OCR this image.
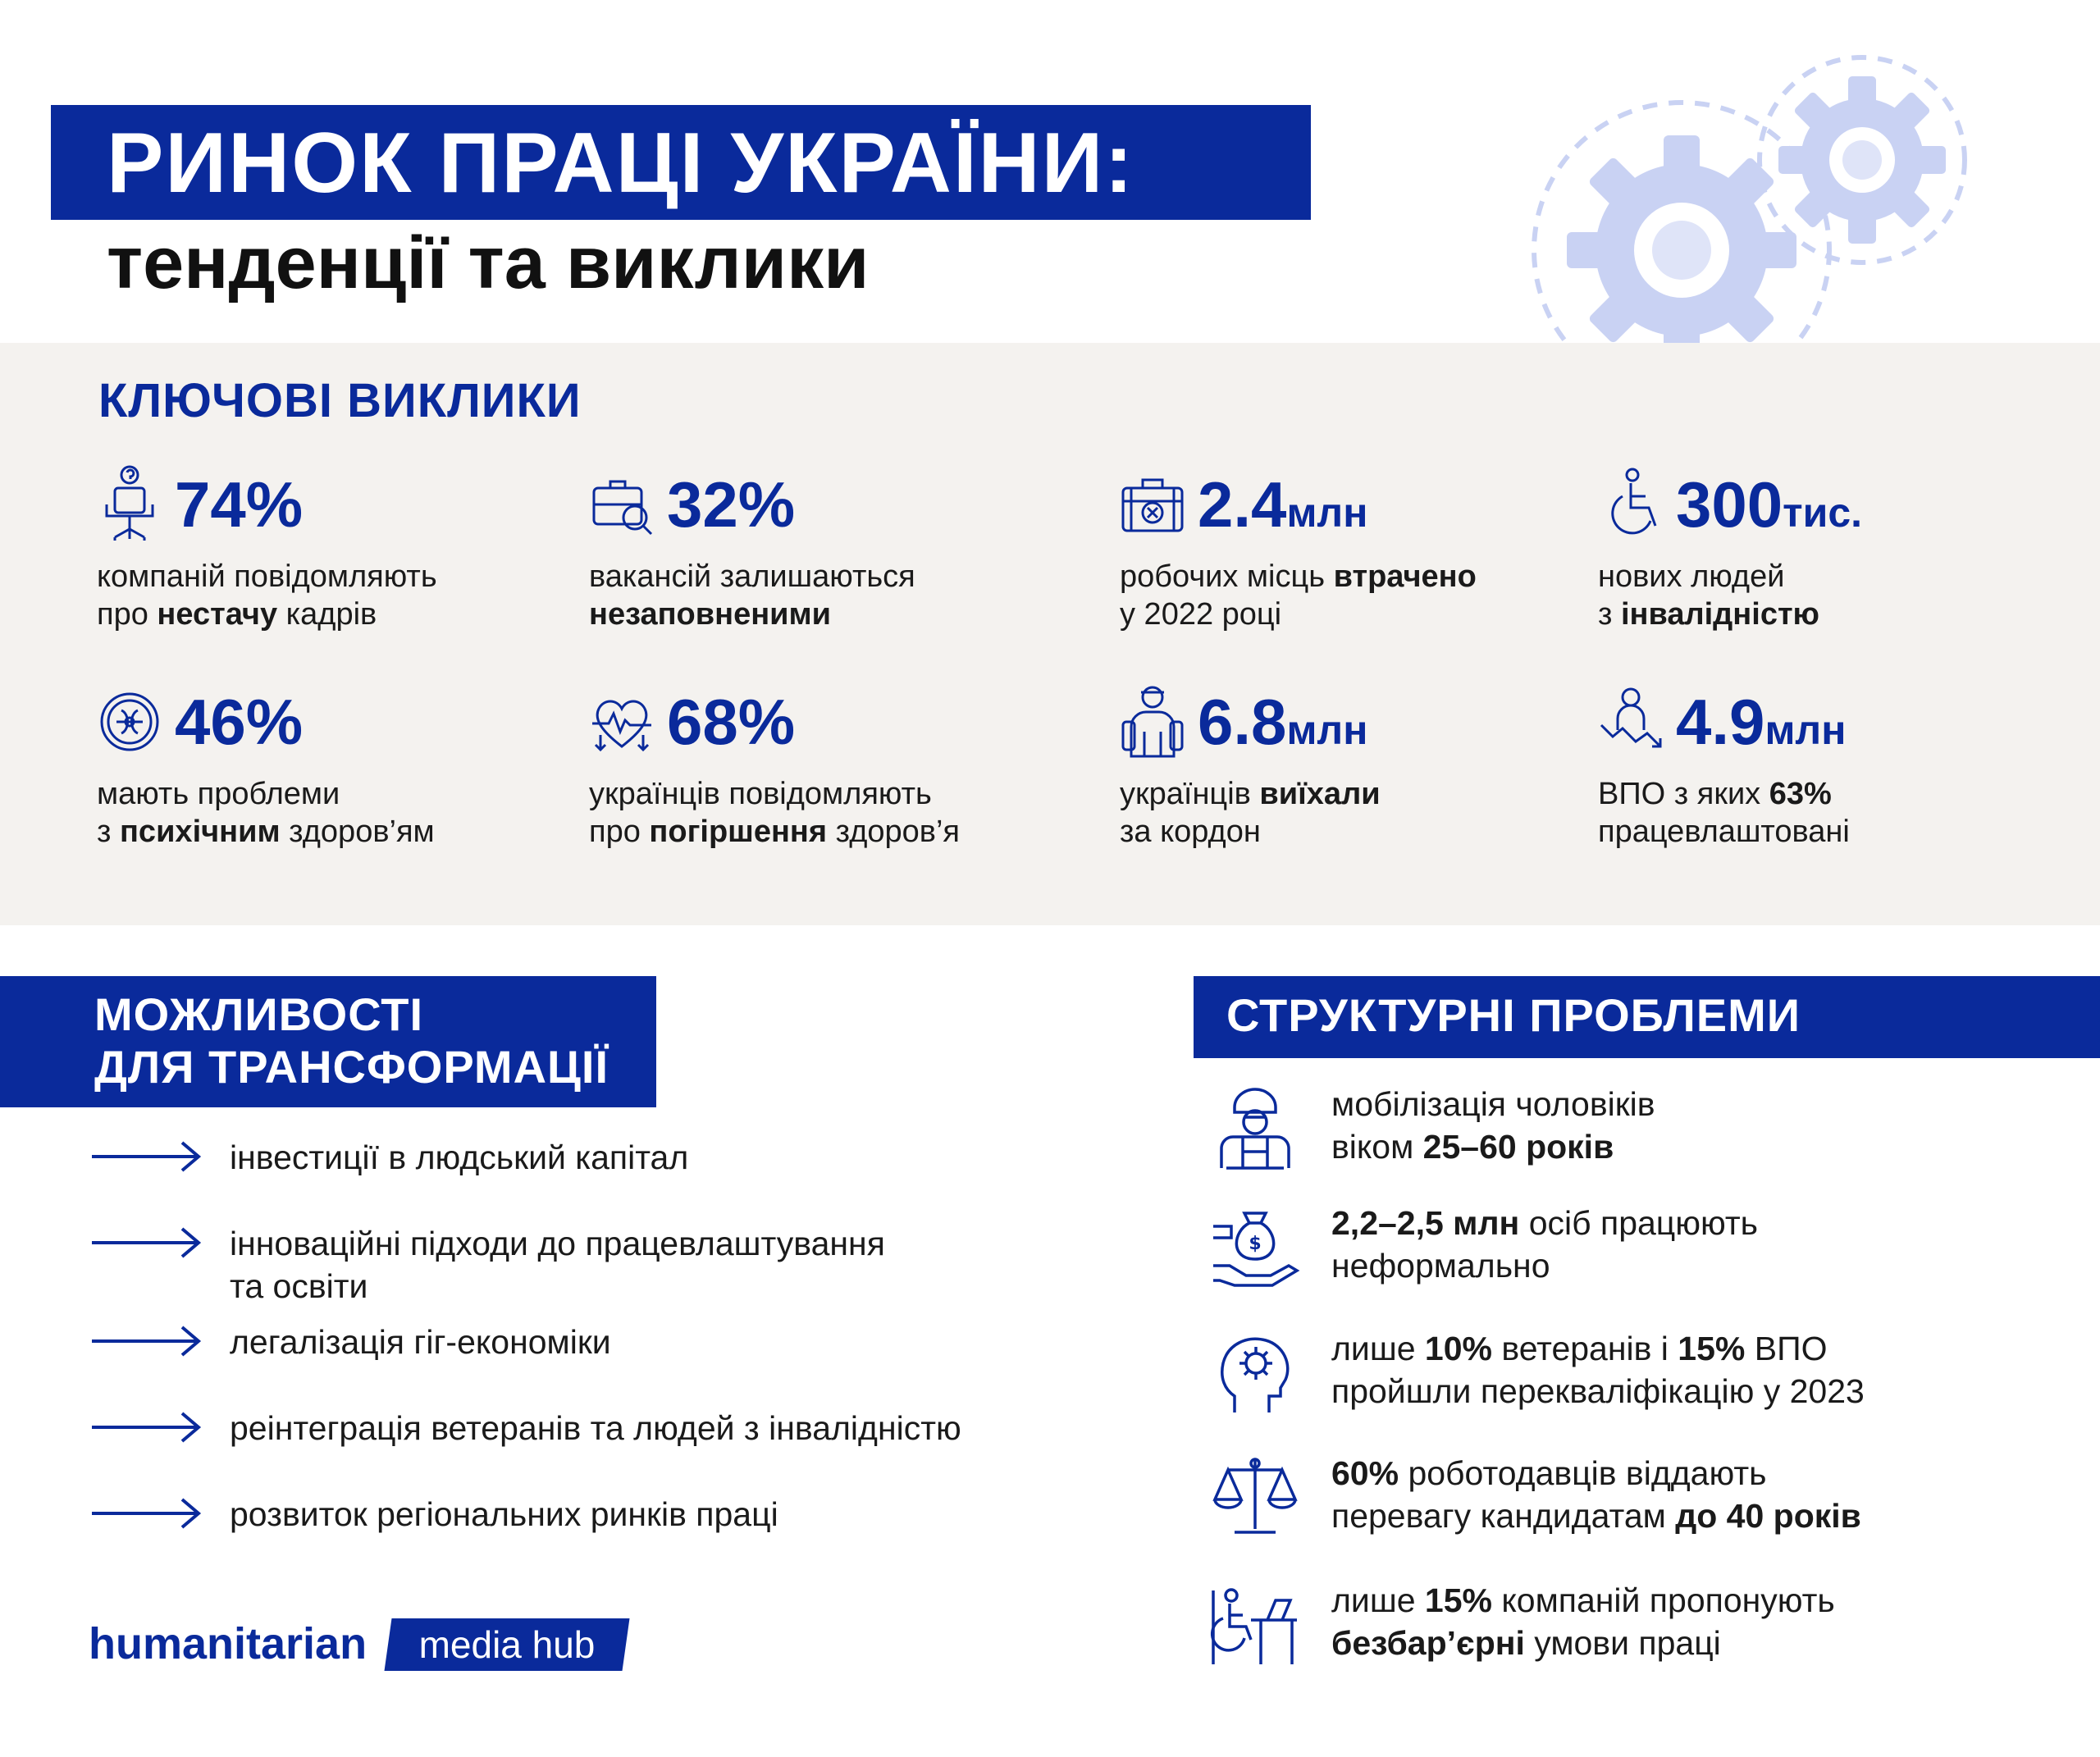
РИНОК ПРАЦІ УКРАЇНИ:
тенденції та виклики
КЛЮЧОВІ ВИКЛИКИ
74%
компаній повідомляють
про нестачу кадрів
32%
вакансій залишаються
незаповненими
2.4млн
робочих місць втрачено
у 2022 році
300тис.
нових людей
з інвалідністю
46%
мають проблеми
з психічним здоров’ям
68%
українців повідомляють
про погіршення здоров’я
6.8млн
українців виїхали
за кордон
4.9млн
ВПО з яких 63%
працевлаштовані
МОЖЛИВОСТІ
ДЛЯ ТРАНСФОРМАЦІЇ
інвестиції в людський капітал
інноваційні підходи до працевлаштування
та освіти
легалізація гіг-економіки
реінтеграція ветеранів та людей з інвалідністю
розвиток регіональних ринків праці
СТРУКТУРНІ ПРОБЛЕМИ
мобілізація чоловіків
віком 25–60 років
$
2,2–2,5 млн осіб працюють
неформально
лише 10% ветеранів і 15% ВПО
пройшли перекваліфікацію у 2023
60% роботодавців віддають
перевагу кандидатам до 40 років
лише 15% компаній пропонують
безбар’єрні умови праці
humanitarian	media hub
